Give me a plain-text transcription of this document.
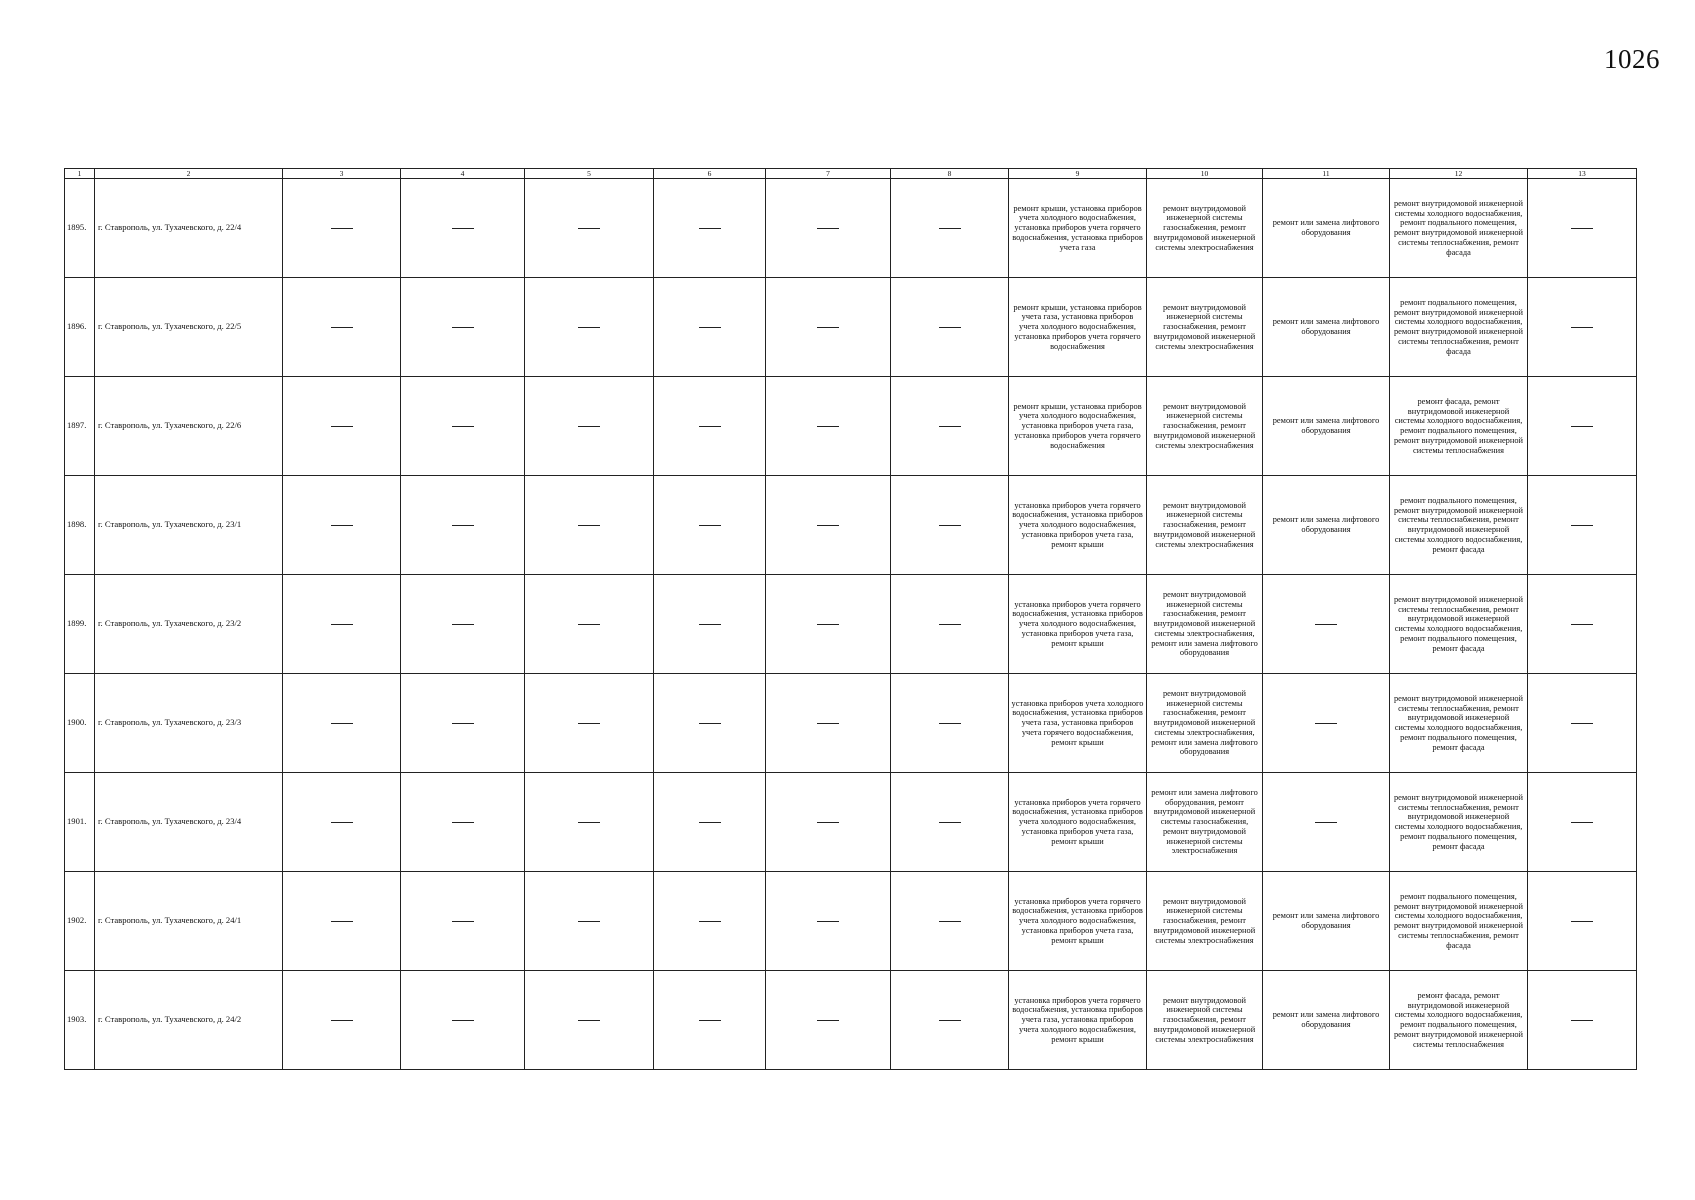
1026
1	2	3	4	5	6	7	8	9	10	11	12	13
1895.	г. Ставрополь, ул. Тухачевского, д. 22/4							ремонт крыши, установка приборов учета холодного водоснабжения, установка приборов учета горячего водоснабжения, установка приборов учета газа	ремонт внутридомовой инженерной системы газоснабжения, ремонт внутридомовой инженерной системы электроснабжения	ремонт или замена лифтового оборудования	ремонт внутридомовой инженерной системы холодного водоснабжения, ремонт подвального помещения, ремонт внутридомовой инженерной системы теплоснабжения, ремонт фасада	
1896.	г. Ставрополь, ул. Тухачевского, д. 22/5							ремонт крыши, установка приборов учета газа, установка приборов учета холодного водоснабжения, установка приборов учета горячего водоснабжения	ремонт внутридомовой инженерной системы газоснабжения, ремонт внутридомовой инженерной системы электроснабжения	ремонт или замена лифтового оборудования	ремонт подвального помещения, ремонт внутридомовой инженерной системы холодного водоснабжения, ремонт внутридомовой инженерной системы теплоснабжения, ремонт фасада	
1897.	г. Ставрополь, ул. Тухачевского, д. 22/6							ремонт крыши, установка приборов учета холодного водоснабжения, установка приборов учета газа, установка приборов учета горячего водоснабжения	ремонт внутридомовой инженерной системы газоснабжения, ремонт внутридомовой инженерной системы электроснабжения	ремонт или замена лифтового оборудования	ремонт фасада, ремонт внутридомовой инженерной системы холодного водоснабжения, ремонт подвального помещения, ремонт внутридомовой инженерной системы теплоснабжения	
1898.	г. Ставрополь, ул. Тухачевского, д. 23/1							установка приборов учета горячего водоснабжения, установка приборов учета холодного водоснабжения, установка приборов учета газа, ремонт крыши	ремонт внутридомовой инженерной системы газоснабжения, ремонт внутридомовой инженерной системы электроснабжения	ремонт или замена лифтового оборудования	ремонт подвального помещения, ремонт внутридомовой инженерной системы теплоснабжения, ремонт внутридомовой инженерной системы холодного водоснабжения, ремонт фасада	
1899.	г. Ставрополь, ул. Тухачевского, д. 23/2							установка приборов учета горячего водоснабжения, установка приборов учета холодного водоснабжения, установка приборов учета газа, ремонт крыши	ремонт внутридомовой инженерной системы газоснабжения, ремонт внутридомовой инженерной системы электроснабжения, ремонт или замена лифтового оборудования		ремонт внутридомовой инженерной системы теплоснабжения, ремонт внутридомовой инженерной системы холодного водоснабжения, ремонт подвального помещения, ремонт фасада	
1900.	г. Ставрополь, ул. Тухачевского, д. 23/3							установка приборов учета холодного водоснабжения, установка приборов учета газа, установка приборов учета горячего водоснабжения, ремонт крыши	ремонт внутридомовой инженерной системы газоснабжения, ремонт внутридомовой инженерной системы электроснабжения, ремонт или замена лифтового оборудования		ремонт внутридомовой инженерной системы теплоснабжения, ремонт внутридомовой инженерной системы холодного водоснабжения, ремонт подвального помещения, ремонт фасада	
1901.	г. Ставрополь, ул. Тухачевского, д. 23/4							установка приборов учета горячего водоснабжения, установка приборов учета холодного водоснабжения, установка приборов учета газа, ремонт крыши	ремонт или замена лифтового оборудования, ремонт внутридомовой инженерной системы газоснабжения, ремонт внутридомовой инженерной системы электроснабжения		ремонт внутридомовой инженерной системы теплоснабжения, ремонт внутридомовой инженерной системы холодного водоснабжения, ремонт подвального помещения, ремонт фасада	
1902.	г. Ставрополь, ул. Тухачевского, д. 24/1							установка приборов учета горячего водоснабжения, установка приборов учета холодного водоснабжения, установка приборов учета газа, ремонт крыши	ремонт внутридомовой инженерной системы газоснабжения, ремонт внутридомовой инженерной системы электроснабжения	ремонт или замена лифтового оборудования	ремонт подвального помещения, ремонт внутридомовой инженерной системы холодного водоснабжения, ремонт внутридомовой инженерной системы теплоснабжения, ремонт фасада	
1903.	г. Ставрополь, ул. Тухачевского, д. 24/2							установка приборов учета горячего водоснабжения, установка приборов учета газа, установка приборов учета холодного водоснабжения, ремонт крыши	ремонт внутридомовой инженерной системы газоснабжения, ремонт внутридомовой инженерной системы электроснабжения	ремонт или замена лифтового оборудования	ремонт фасада, ремонт внутридомовой инженерной системы холодного водоснабжения, ремонт подвального помещения, ремонт внутридомовой инженерной системы теплоснабжения	
